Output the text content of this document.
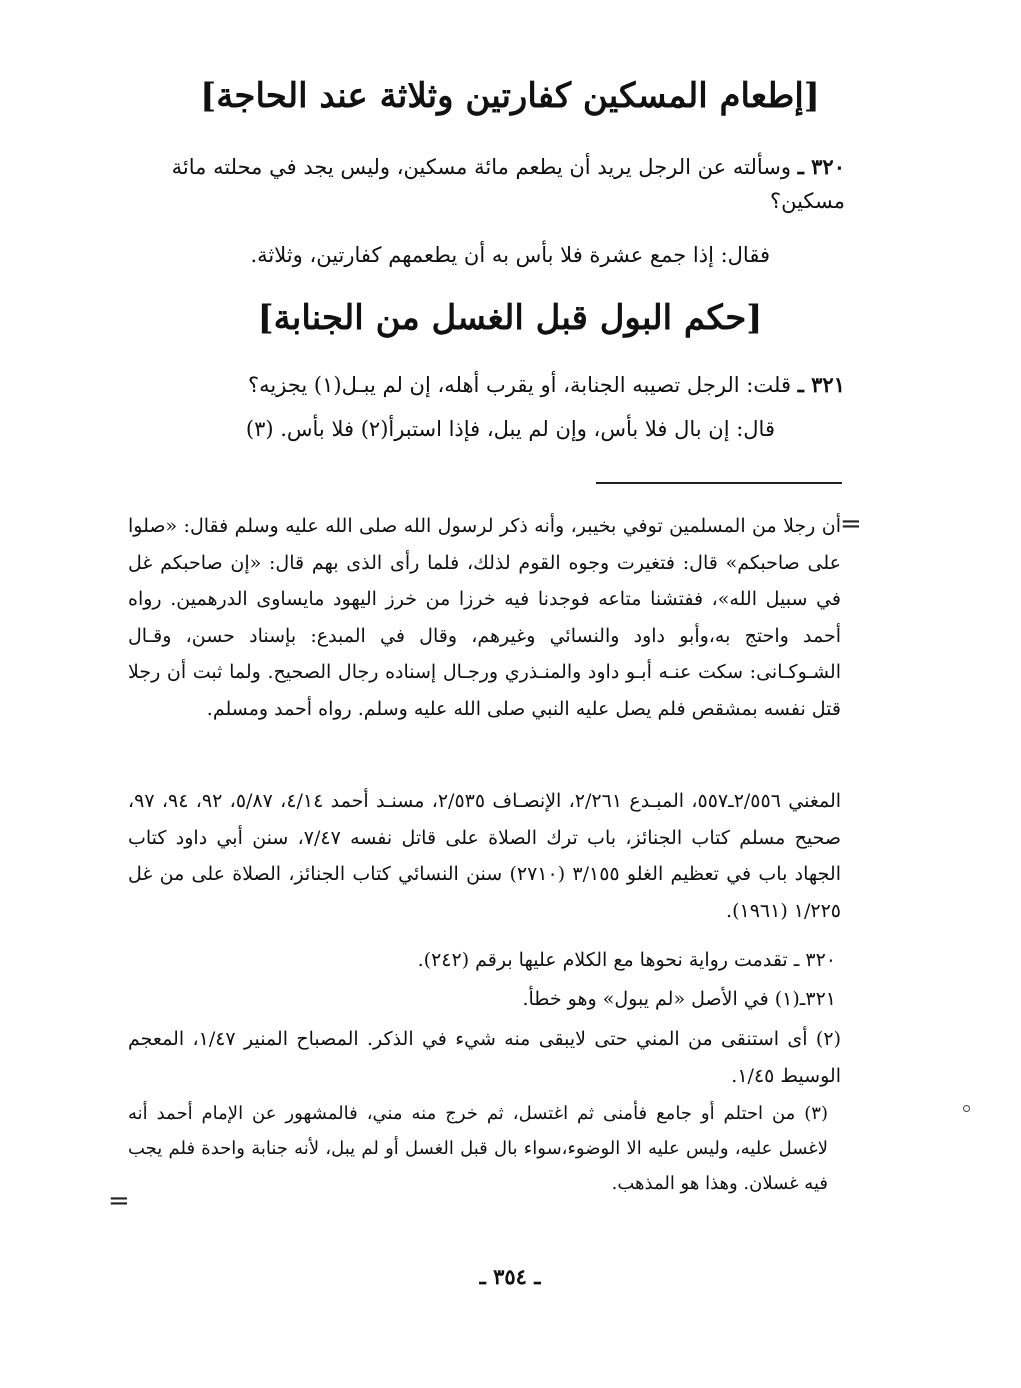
[إطعام المسكين كفارتين وثلاثة عند الحاجة]
٣٢٠ ـ وسألته عن الرجل يريد أن يطعم مائة مسكين، وليس يجد في محلته مائة مسكين؟
فقال: إذا جمع عشرة فلا بأس به أن يطعمهم كفارتين، وثلاثة.
[حكم البول قبل الغسل من الجنابة]
٣٢١ ـ قلت: الرجل تصيبه الجنابة، أو يقرب أهله، إن لم يبـل(١) يجزيه؟
قال: إن بال فلا بأس، وإن لم يبل، فإذا استبرأ(٢) فلا بأس. (٣)
=
أن رجلا من المسلمين توفي بخيبر، وأنه ذكر لرسول الله صلى الله عليه وسلم فقال: «صلوا على صاحبكم» قال: فتغيرت وجوه القوم لذلك، فلما رأى الذى بهم قال: «إن صاحبكم غل في سبيل الله»، ففتشنا متاعه فوجدنا فيه خرزا من خرز اليهود مايساوى الدرهمين. رواه أحمد واحتج به،وأبو داود والنسائي وغيرهم، وقال في المبدع: بإسناد حسن، وقـال الشـوكـانى: سكت عنـه أبـو داود والمنـذري ورجـال إسناده رجال الصحيح. ولما ثبت أن رجلا قتل نفسه بمشقص فلم يصل عليه النبي صلى الله عليه وسلم. رواه أحمد ومسلم.
المغني ٢/٥٥٦ـ٥٥٧، المبـدع ٢/٢٦١، الإنصـاف ٢/٥٣٥، مسنـد أحمد ٤/١٤، ٥/٨٧، ٩٢، ٩٤، ٩٧، صحيح مسلم كتاب الجنائز، باب ترك الصلاة على قاتل نفسه ٧/٤٧، سنن أبي داود كتاب الجهاد باب في تعظيم الغلو ٣/١٥٥ (٢٧١٠) سنن النسائي كتاب الجنائز، الصلاة على من غل ١/٢٢٥ (١٩٦١).
٣٢٠ ـ تقدمت رواية نحوها مع الكلام عليها برقم (٢٤٢).
٣٢١ـ(١) في الأصل «لم يبول» وهو خطأ.
(٢) أى استنقى من المني حتى لايبقى منه شيء في الذكر. المصباح المنير ١/٤٧، المعجم الوسيط ١/٤٥.
(٣) من احتلم أو جامع فأمنى ثم اغتسل، ثم خرج منه مني، فالمشهور عن الإمام أحمد أنه لاغسل عليه، وليس عليه الا الوضوء،سواء بال قبل الغسل أو لم يبل، لأنه جنابة واحدة فلم يجب فيه غسلان. وهذا هو المذهب.
=
ـ ٣٥٤ ـ
